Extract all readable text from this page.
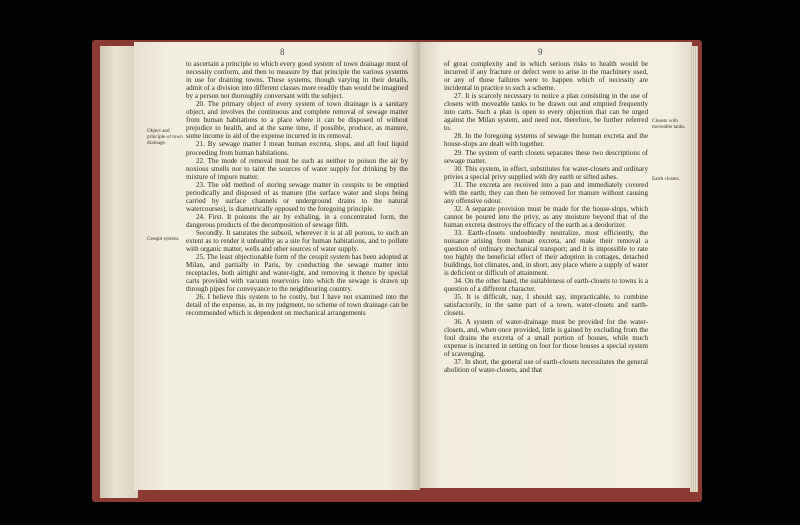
8
Object and principle of town drainage.
Cesspit system.

to ascertain a principle to which every good system of town drainage must of necessity conform, and then to measure by that principle the various systems in use for draining towns. These systems, though varying in their details, admit of a division into different classes more readily than would be imagined by a person not thoroughly conversant with the subject.

20. The primary object of every system of town drainage is a sanitary object, and involves the continuous and complete removal of sewage matter from human habitations to a place where it can be disposed of without prejudice to health, and at the same time, if possible, produce, as manure, some income in aid of the expense incurred in its removal.

21. By sewage matter I mean human excreta, slops, and all foul liquid proceeding from human habitations.

22. The mode of removal must be such as neither to poison the air by noxious smells nor to taint the sources of water supply for drinking by the mixture of impure matter.

23. The old method of storing sewage matter in cesspits to be emptied periodically and disposed of as manure (the surface water and slops being carried by surface channels or underground drains to the natural watercourses), is diametrically opposed to the foregoing principle.

24. First. It poisons the air by exhaling, in a concentrated form, the dangerous products of the decomposition of sewage filth.

Secondly. It saturates the subsoil, wherever it is at all porous, to such an extent as to render it unhealthy as a site for human habitations, and to pollute with organic matter, wells and other sources of water supply.

25. The least objectionable form of the cesspit system has been adopted at Milan, and partially in Paris, by conducting the sewage matter into receptacles, both airtight and water-tight, and removing it thence by special carts provided with vacuum reservoirs into which the sewage is drawn up through pipes for conveyance to the neighbouring country.

26. I believe this system to be costly, but I have not examined into the detail of the expense, as, in my judgment, no scheme of town drainage can be recommended which is dependent on mechanical arrangements

9
Closets with moveable tanks.
Earth closets.

of great complexity and in which serious risks to health would be incurred if any fracture or defect were to arise in the machinery used, or any of those failures were to happen which of necessity are incidental in practice to such a scheme.

27. It is scarcely necessary to notice a plan consisting in the use of closets with moveable tanks to be drawn out and emptied frequently into carts. Such a plan is open to every objection that can be urged against the Milan system, and need not, therefore, be further referred to.

28. In the foregoing systems of sewage the human excreta and the house-slops are dealt with together.

29. The system of earth closets separates these two descriptions of sewage matter.

30. This system, in effect, substitutes for water-closets and ordinary privies a special privy supplied with dry earth or sifted ashes.

31. The excreta are received into a pan and immediately covered with the earth; they can then be removed for manure without causing any offensive odour.

32. A separate provision must be made for the house-slops, which cannot be poured into the privy, as any moisture beyond that of the human excreta destroys the efficacy of the earth as a deodorizer.

33. Earth-closets undoubtedly neutralize, most efficiently, the nuisance arising from human excreta, and make their removal a question of ordinary mechanical transport; and it is impossible to rate too highly the beneficial effect of their adoption in cottages, detached buildings, hot climates, and, in short, any place where a supply of water is deficient or difficult of attainment.

34. On the other hand, the suitableness of earth-closets to towns is a question of a different character.

35. It is difficult, nay, I should say, impracticable, to combine satisfactorily, in the same part of a town, water-closets and earth-closets.

36. A system of water-drainage must be provided for the water-closets, and, when once provided, little is gained by excluding from the foul drains the excreta of a small portion of houses, while much expense is incurred in setting on foot for those houses a special system of scavenging.

37. In short, the general use of earth-closets necessitates the general abolition of water-closets, and that
